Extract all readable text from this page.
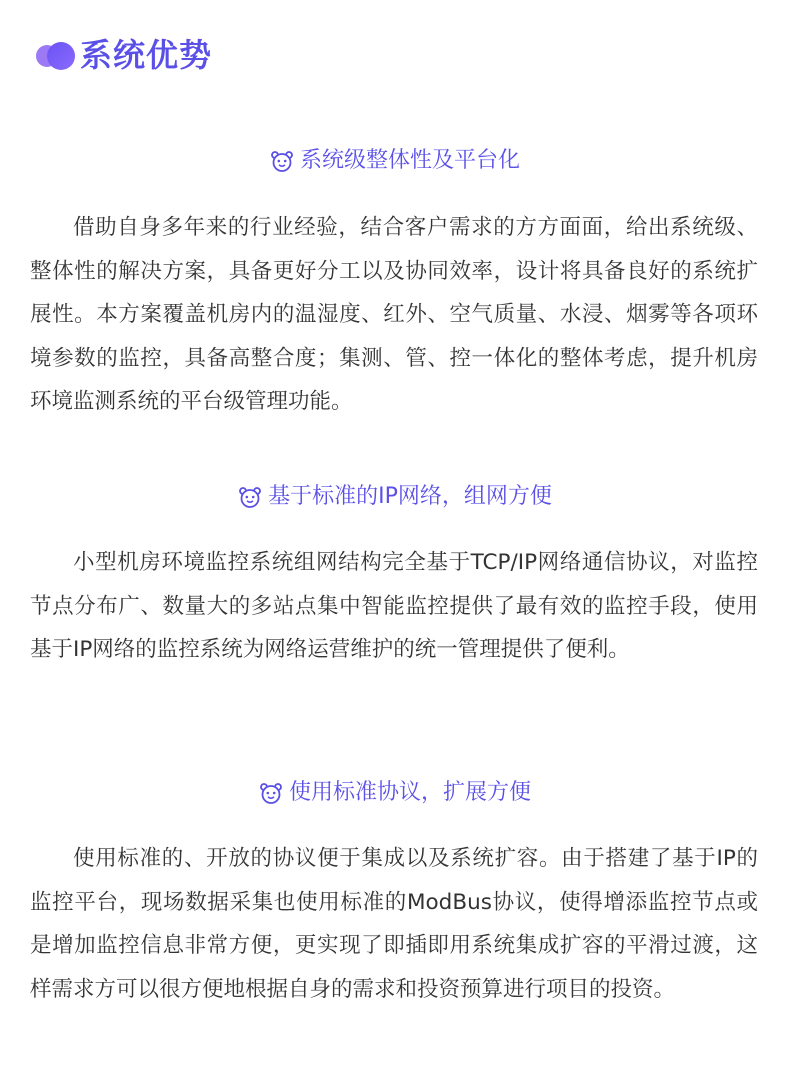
系统优势
系统级整体性及平台化

借助自身多年来的行业经验，结合客户需求的方方面面，给出系统级、整体性的解决方案，具备更好分工以及协同效率，设计将具备良好的系统扩展性。本方案覆盖机房内的温湿度、红外、空气质量、水浸、烟雾等各项环境参数的监控，具备高整合度；集测、管、控一体化的整体考虑，提升机房环境监测系统的平台级管理功能。

基于标准的IP网络，组网方便

小型机房环境监控系统组网结构完全基于TCP/IP网络通信协议，对监控节点分布广、数量大的多站点集中智能监控提供了最有效的监控手段，使用基于IP网络的监控系统为网络运营维护的统一管理提供了便利。

使用标准协议，扩展方便

使用标准的、开放的协议便于集成以及系统扩容。由于搭建了基于IP的监控平台，现场数据采集也使用标准的ModBus协议，使得增添监控节点或是增加监控信息非常方便，更实现了即插即用系统集成扩容的平滑过渡，这样需求方可以很方便地根据自身的需求和投资预算进行项目的投资。
